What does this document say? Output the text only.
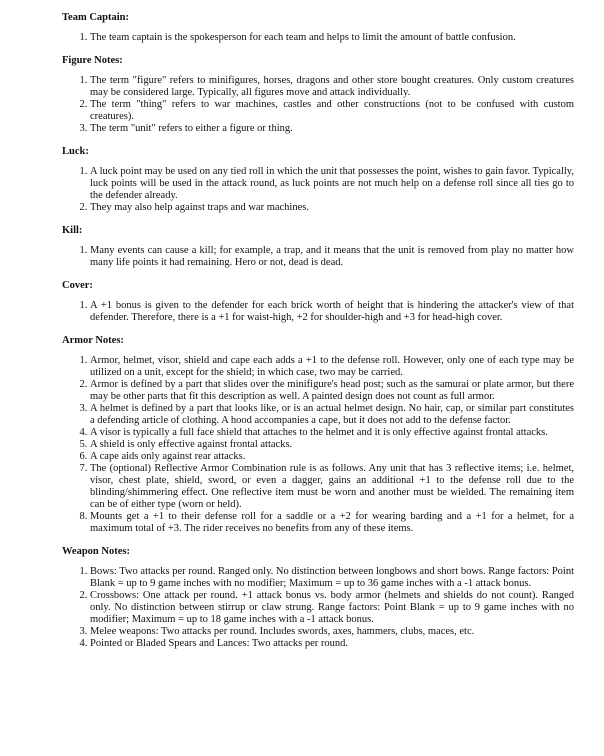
Team Captain:
1. The team captain is the spokesperson for each team and helps to limit the amount of battle confusion.
Figure Notes:
1. The term "figure" refers to minifigures, horses, dragons and other store bought creatures. Only custom creatures may be considered large. Typically, all figures move and attack individually.
2. The term "thing" refers to war machines, castles and other constructions (not to be confused with custom creatures).
3. The term "unit" refers to either a figure or thing.
Luck:
1. A luck point may be used on any tied roll in which the unit that possesses the point, wishes to gain favor. Typically, luck points will be used in the attack round, as luck points are not much help on a defense roll since all ties go to the defender already.
2. They may also help against traps and war machines.
Kill:
1. Many events can cause a kill; for example, a trap, and it means that the unit is removed from play no matter how many life points it had remaining. Hero or not, dead is dead.
Cover:
1. A +1 bonus is given to the defender for each brick worth of height that is hindering the attacker's view of that defender. Therefore, there is a +1 for waist-high, +2 for shoulder-high and +3 for head-high cover.
Armor Notes:
1. Armor, helmet, visor, shield and cape each adds a +1 to the defense roll. However, only one of each type may be utilized on a unit, except for the shield; in which case, two may be carried.
2. Armor is defined by a part that slides over the minifigure's head post; such as the samurai or plate armor, but there may be other parts that fit this description as well. A painted design does not count as full armor.
3. A helmet is defined by a part that looks like, or is an actual helmet design. No hair, cap, or similar part constitutes a defending article of clothing. A hood accompanies a cape, but it does not add to the defense factor.
4. A visor is typically a full face shield that attaches to the helmet and it is only effective against frontal attacks.
5. A shield is only effective against frontal attacks.
6. A cape aids only against rear attacks.
7. The (optional) Reflective Armor Combination rule is as follows. Any unit that has 3 reflective items; i.e. helmet, visor, chest plate, shield, sword, or even a dagger, gains an additional +1 to the defense roll due to the blinding/shimmering effect. One reflective item must be worn and another must be wielded. The remaining item can be of either type (worn or held).
8. Mounts get a +1 to their defense roll for a saddle or a +2 for wearing barding and a +1 for a helmet, for a maximum total of +3. The rider receives no benefits from any of these items.
Weapon Notes:
1. Bows: Two attacks per round. Ranged only. No distinction between longbows and short bows. Range factors: Point Blank = up to 9 game inches with no modifier; Maximum = up to 36 game inches with a -1 attack bonus.
2. Crossbows: One attack per round. +1 attack bonus vs. body armor (helmets and shields do not count). Ranged only. No distinction between stirrup or claw strung. Range factors: Point Blank = up to 9 game inches with no modifier; Maximum = up to 18 game inches with a -1 attack bonus.
3. Melee weapons: Two attacks per round. Includes swords, axes, hammers, clubs, maces, etc.
4. Pointed or Bladed Spears and Lances: Two attacks per round.
